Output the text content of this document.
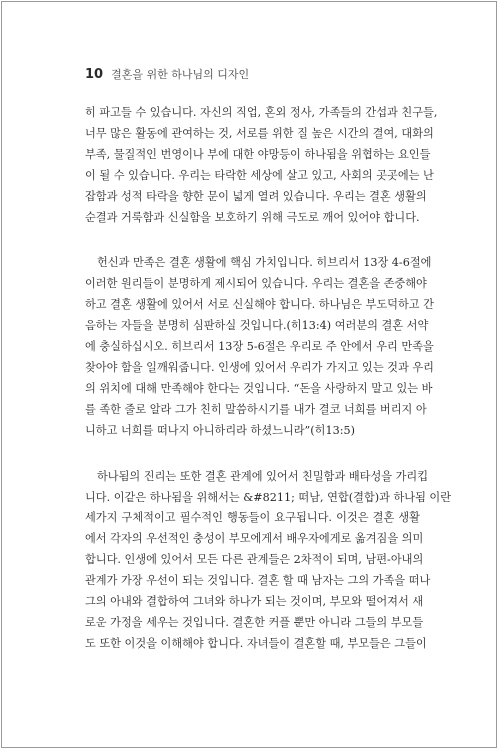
10 결혼을 위한 하나님의 디자인
히 파고들 수 있습니다. 자신의 직업, 혼외 정사, 가족들의 간섭과 친구들,
너무 많은 활동에 관여하는 것, 서로를 위한 질 높은 시간의 결여, 대화의
부족, 물질적인 번영이나 부에 대한 야망등이 하나됨을 위협하는 요인들
이 될 수 있습니다. 우리는 타락한 세상에 살고 있고, 사회의 곳곳에는 난
잡함과 성적 타락을 향한 문이 넓게 열려 있습니다. 우리는 결혼 생활의
순결과 거룩함과 신실함을 보호하기 위해 극도로 깨어 있어야 합니다.
헌신과 만족은 결혼 생활에 핵심 가치입니다. 히브리서 13장 4-6절에
이러한 원리들이 분명하게 제시되어 있습니다. 우리는 결혼을 존중해야
하고 결혼 생활에 있어서 서로 신실해야 합니다. 하나님은 부도덕하고 간
음하는 자들을 분명히 심판하실 것입니다.(히13:4) 여러분의 결혼 서약
에 충실하십시오. 히브리서 13장 5-6절은 우리로 주 안에서 우리 만족을
찾아야 함을 일깨워줍니다. 인생에 있어서 우리가 가지고 있는 것과 우리
의 위치에 대해 만족해야 한다는 것입니다. “돈을 사랑하지 말고 있는 바
를 족한 줄로 알라 그가 친히 말씀하시기를 내가 결코 너희를 버리지 아
니하고 너희를 떠나지 아니하리라 하셨느니라”(히13:5)
하나됨의 진리는 또한 결혼 관계에 있어서 친밀함과 배타성을 가리킵
니다. 이같은 하나됨을 위해서는 &#8211; 떠남, 연합(결합)과 하나됨 이란
세가지 구체적이고 필수적인 행동들이 요구됩니다. 이것은 결혼 생활
에서 각자의 우선적인 충성이 부모에게서 배우자에게로 옮겨짐을 의미
합니다. 인생에 있어서 모든 다른 관계들은 2차적이 되며, 남편-아내의
관계가 가장 우선이 되는 것입니다. 결혼 할 때 남자는 그의 가족을 떠나
그의 아내와 결합하여 그녀와 하나가 되는 것이며, 부모와 떨어져서 새
로운 가정을 세우는 것입니다. 결혼한 커플 뿐만 아니라 그들의 부모들
도 또한 이것을 이해해야 합니다. 자녀들이 결혼할 때, 부모들은 그들이
